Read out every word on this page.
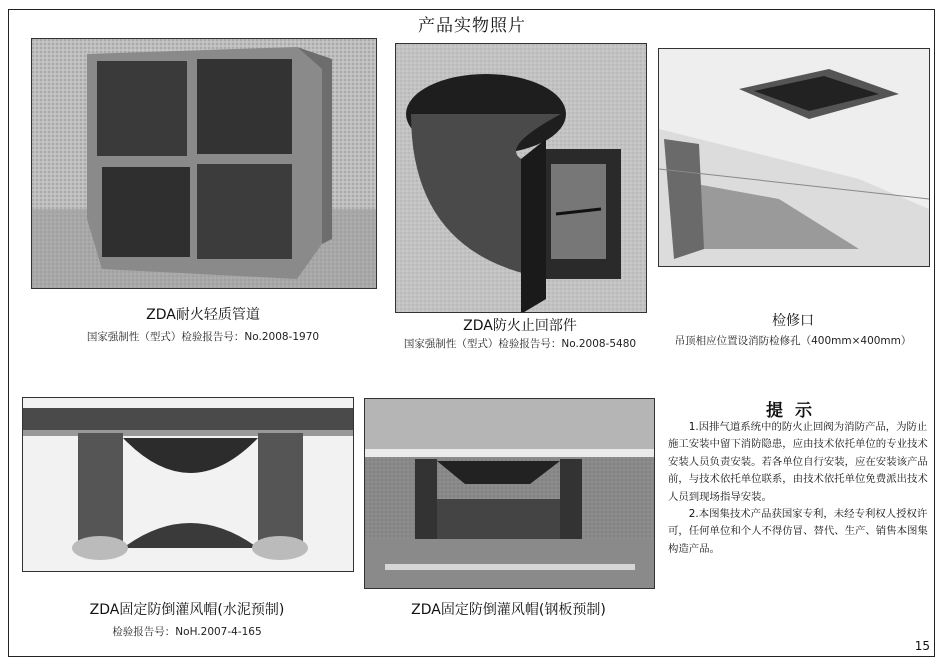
产品实物照片
ZDA耐火轻质管道
国家强制性（型式）检验报告号：No.2008-1970
ZDA防火止回部件
国家强制性（型式）检验报告号：No.2008-5480
检修口
吊顶相应位置设消防检修孔（400mm×400mm）
ZDA固定防倒灌风帽(水泥预制)
检验报告号：NoH.2007-4-165
ZDA固定防倒灌风帽(钢板预制)
提示

1.因排气道系统中的防火止回阀为消防产品，为防止施工安装中留下消防隐患，应由技术依托单位的专业技术安装人员负责安装。若各单位自行安装，应在安装该产品前，与技术依托单位联系，由技术依托单位免费派出技术人员到现场指导安装。

2.本图集技术产品获国家专利，未经专利权人授权许可，任何单位和个人不得仿冒、替代、生产、销售本图集构造产品。

15
